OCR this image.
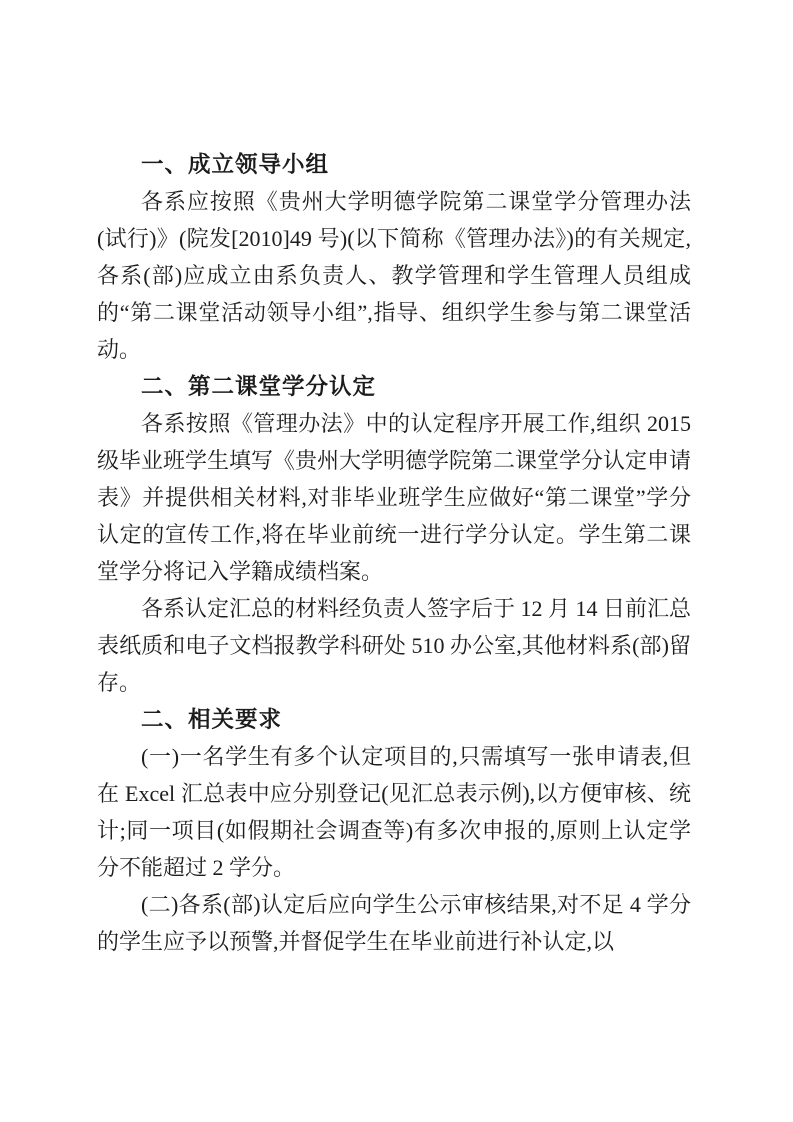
一、成立领导小组

各系应按照《贵州大学明德学院第二课堂学分管理办法(试行)》(院发[2010]49 号)(以下简称《管理办法》)的有关规定,各系(部)应成立由系负责人、教学管理和学生管理人员组成的“第二课堂活动领导小组”,指导、组织学生参与第二课堂活动。

二、第二课堂学分认定

各系按照《管理办法》中的认定程序开展工作,组织 2015 级毕业班学生填写《贵州大学明德学院第二课堂学分认定申请表》并提供相关材料,对非毕业班学生应做好“第二课堂”学分认定的宣传工作,将在毕业前统一进行学分认定。学生第二课堂学分将记入学籍成绩档案。

各系认定汇总的材料经负责人签字后于 12 月 14 日前汇总表纸质和电子文档报教学科研处 510 办公室,其他材料系(部)留存。

二、相关要求

(一)一名学生有多个认定项目的,只需填写一张申请表,但在 Excel 汇总表中应分别登记(见汇总表示例),以方便审核、统计;同一项目(如假期社会调查等)有多次申报的,原则上认定学分不能超过 2 学分。

(二)各系(部)认定后应向学生公示审核结果,对不足 4 学分的学生应予以预警,并督促学生在毕业前进行补认定,以
